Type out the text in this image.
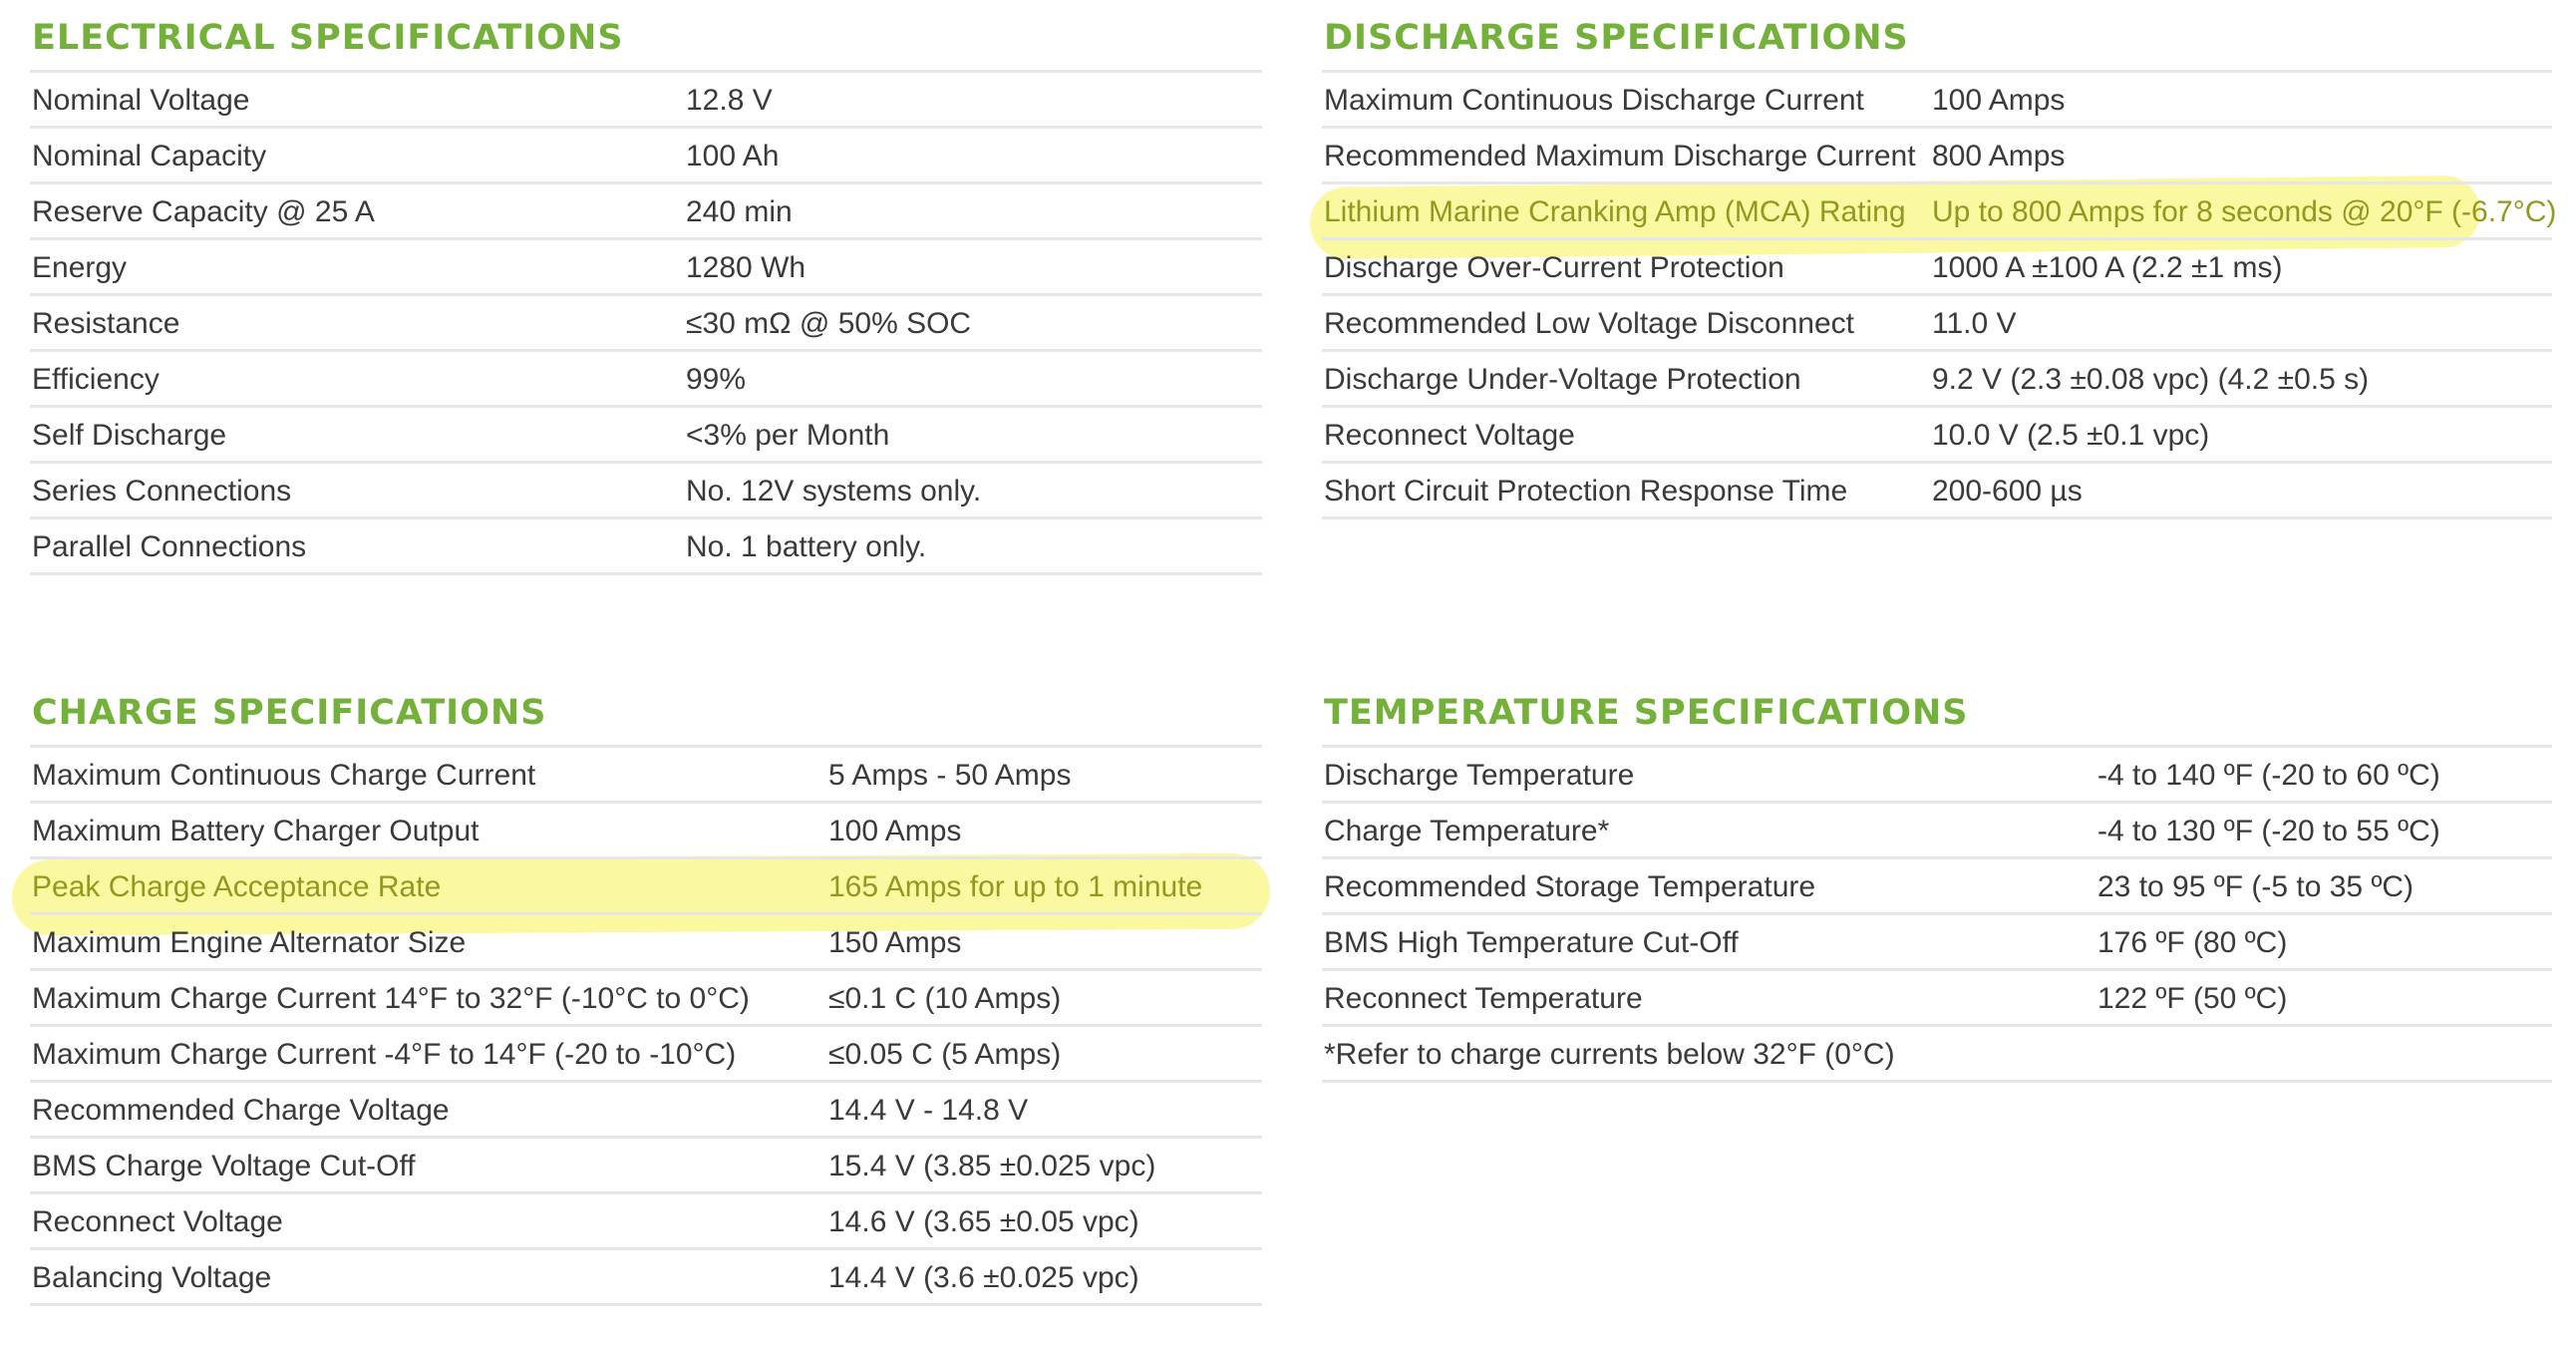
ELECTRICAL SPECIFICATIONS
Nominal Voltage	12.8 V
Nominal Capacity	100 Ah
Reserve Capacity @ 25 A	240 min
Energy	1280 Wh
Resistance	≤30 mΩ @ 50% SOC
Efficiency	99%
Self Discharge	<3% per Month
Series Connections	No. 12V systems only.
Parallel Connections	No. 1 battery only.
DISCHARGE SPECIFICATIONS
Maximum Continuous Discharge Current 100 Amps
Recommended Maximum Discharge Current 800 Amps
Lithium Marine Cranking Amp (MCA) Rating Up to 800 Amps for 8 seconds @ 20°F (-6.7°C)
Discharge Over-Current Protection	1000 A ±100 A (2.2 ±1 ms)
Recommended Low Voltage Disconnect	11.0 V
Discharge Under-Voltage Protection	9.2 V (2.3 ±0.08 vpc) (4.2 ±0.5 s)
Reconnect Voltage	10.0 V (2.5 ±0.1 vpc)
Short Circuit Protection Response Time	200-600 µs
CHARGE SPECIFICATIONS
Maximum Continuous Charge Current	5 Amps - 50 Amps
Maximum Battery Charger Output	100 Amps
Peak Charge Acceptance Rate	165 Amps for up to 1 minute
Maximum Engine Alternator Size	150 Amps
Maximum Charge Current 14°F to 32°F (-10°C to 0°C)	≤0.1 C (10 Amps)
Maximum Charge Current -4°F to 14°F (-20 to -10°C)	≤0.05 C (5 Amps)
Recommended Charge Voltage	14.4 V - 14.8 V
BMS Charge Voltage Cut-Off	15.4 V (3.85 ±0.025 vpc)
Reconnect Voltage	14.6 V (3.65 ±0.05 vpc)
Balancing Voltage	14.4 V (3.6 ±0.025 vpc)
TEMPERATURE SPECIFICATIONS
Discharge Temperature	-4 to 140 ºF (-20 to 60 ºC)
Charge Temperature*	-4 to 130 ºF (-20 to 55 ºC)
Recommended Storage Temperature	23 to 95 ºF (-5 to 35 ºC)
BMS High Temperature Cut-Off	176 ºF (80 ºC)
Reconnect Temperature	122 ºF (50 ºC)
*Refer to charge currents below 32°F (0°C)
